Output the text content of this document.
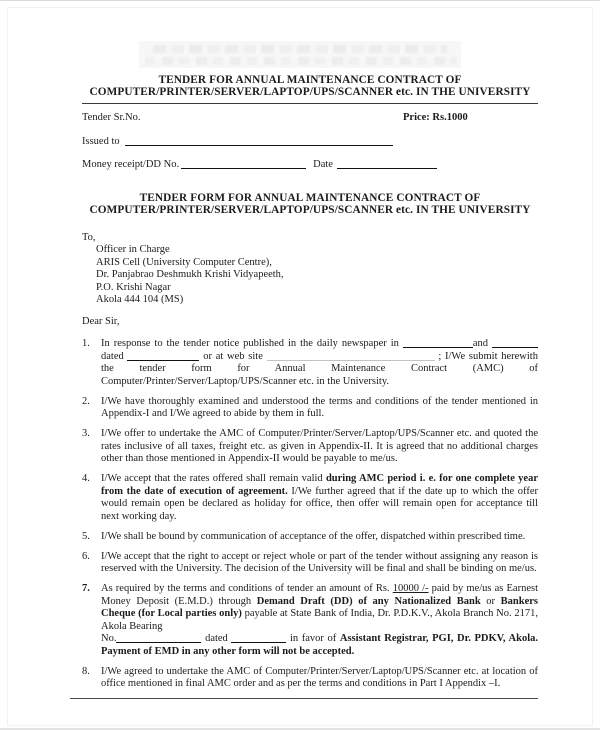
TENDER FOR ANNUAL MAINTENANCE CONTRACT OF
COMPUTER/PRINTER/SERVER/LAPTOP/UPS/SCANNER etc. IN THE UNIVERSITY
Tender Sr.No.	Price: Rs.1000
Issued to
Money receipt/DD No.	Date
TENDER FORM FOR ANNUAL MAINTENANCE CONTRACT OF
COMPUTER/PRINTER/SERVER/LAPTOP/UPS/SCANNER etc. IN THE UNIVERSITY
To,
Officer in Charge
ARIS Cell (University Computer Centre),
Dr. Panjabrao Deshmukh Krishi Vidyapeeth,
P.O. Krishi Nagar
Akola 444 104 (MS)
Dear Sir,
1.	In response to the tender notice published in the daily newspaper in	and  dated	or at web site	; I/We submit herewith the tender form for Annual Maintenance Contract (AMC) of Computer/Printer/Server/Laptop/UPS/Scanner etc. in the University.
2.	I/We have thoroughly examined and understood the terms and conditions of the tender mentioned in Appendix-I and I/We agreed to abide by them in full.
3.	I/We offer to undertake the AMC of Computer/Printer/Server/Laptop/UPS/Scanner etc. and quoted the rates inclusive of all taxes, freight etc. as given in Appendix-II. It is agreed that no additional charges other than those mentioned in Appendix-II would be payable to me/us.
4.	I/We accept that the rates offered shall remain valid during AMC period i. e. for one complete year from the date of execution of agreement. I/We further agreed that if the date up to which the offer would remain open be declared as holiday for office, then offer will remain open for acceptance till next working day.
5.	I/We shall be bound by communication of acceptance of the offer, dispatched within prescribed time.
6.	I/We accept that the right to accept or reject whole or part of the tender without assigning any reason is reserved with the University. The decision of the University will be final and shall be binding on me/us.
7.	As required by the terms and conditions of tender an amount of Rs. 10000 /- paid by me/us as Earnest Money Deposit (E.M.D.) through Demand Draft (DD) of any Nationalized Bank or Bankers Cheque (for Local parties only) payable at State Bank of India, Dr. P.D.K.V., Akola Branch No. 2171, Akola Bearing
No.	dated	in favor of Assistant Registrar, PGI, Dr. PDKV, Akola. Payment of EMD in any other form will not be accepted.
8.	I/We agreed to undertake the AMC of Computer/Printer/Server/Laptop/UPS/Scanner etc. at location of office mentioned in final AMC order and as per the terms and conditions in Part I Appendix –I.
